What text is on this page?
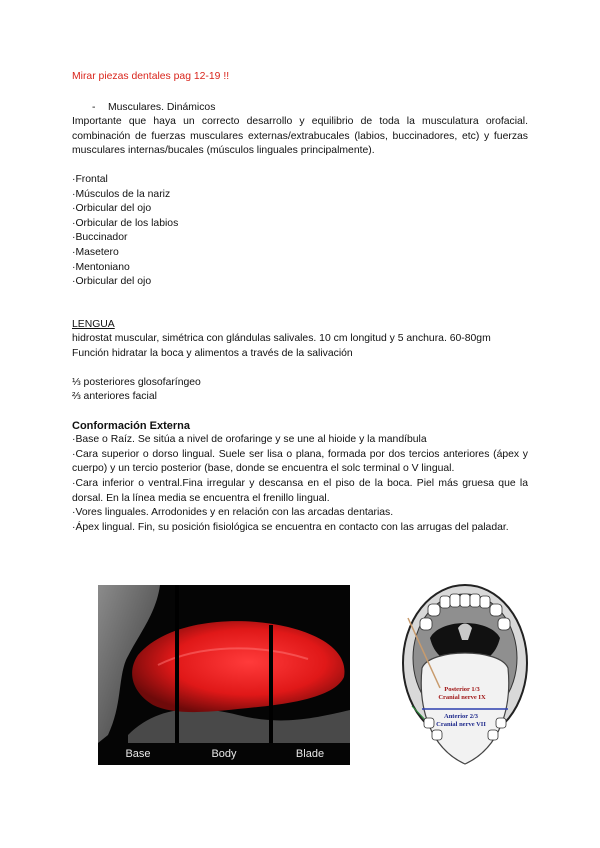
Mirar piezas dentales pag 12-19 !!

- Musculares. Dinámicos

Importante que haya un correcto desarrollo y equilibrio de toda la musculatura orofacial. combinación de fuerzas musculares externas/extrabucales (labios, buccinadores, etc) y fuerzas musculares internas/bucales (músculos linguales principalmente).

·Frontal
·Músculos de la nariz
·Orbicular del ojo
·Orbicular de los labios
·Buccinador
·Masetero
·Mentoniano
·Orbicular del ojo

LENGUA

hidrostat muscular, simétrica con glándulas salivales. 10 cm longitud y 5 anchura. 60-80gm

Función hidratar la boca y alimentos a través de la salivación

⅓ posteriores glosofaríngeo

⅔ anteriores facial

Conformación Externa

·Base o Raíz. Se sitúa a nivel de orofaringe y se une al hioide y la mandíbula

·Cara superior o dorso lingual. Suele ser lisa o plana, formada por dos tercios anteriores (ápex y cuerpo) y un tercio posterior (base, donde se encuentra el solc terminal o V lingual.

·Cara inferior o ventral.Fina irregular y descansa en el piso de la boca. Piel más gruesa que la dorsal. En la línea media se encuentra el frenillo lingual.

·Vores linguales. Arrodonides y en relación con las arcadas dentarias.

·Ápex lingual. Fin, su posición fisiológica se encuentra en contacto con las arrugas del paladar.

Base	Body	Blade
Posterior 1/3
Cranial nerve IX
Anterior 2/3
Cranial nerve VII
